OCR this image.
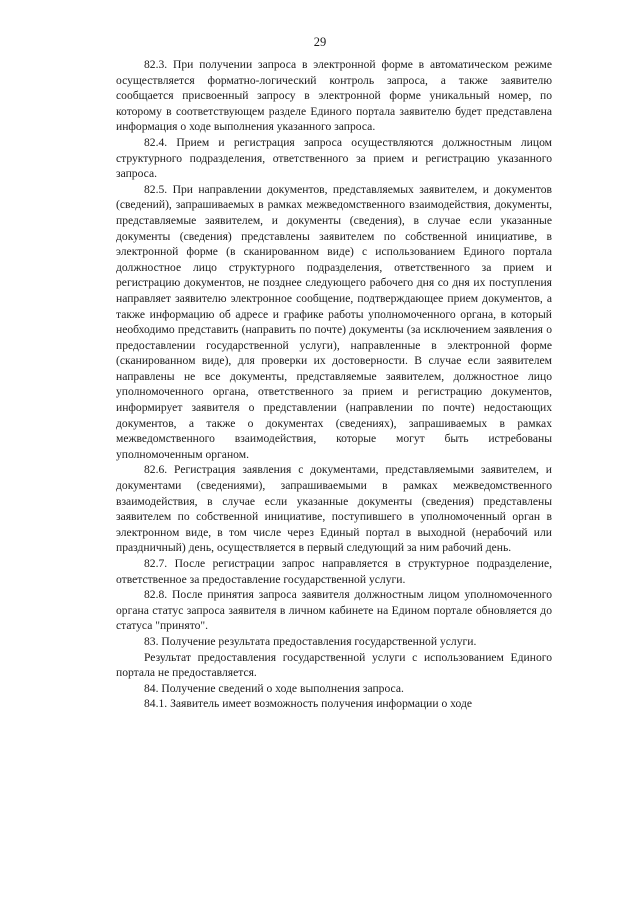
29

82.3. При получении запроса в электронной форме в автоматическом режиме осуществляется форматно-логический контроль запроса, а также заявителю сообщается присвоенный запросу в электронной форме уникальный номер, по которому в соответствующем разделе Единого портала заявителю будет представлена информация о ходе выполнения указанного запроса.

82.4. Прием и регистрация запроса осуществляются должностным лицом структурного подразделения, ответственного за прием и регистрацию указанного запроса.

82.5. При направлении документов, представляемых заявителем, и документов (сведений), запрашиваемых в рамках межведомственного взаимодействия, документы, представляемые заявителем, и документы (сведения), в случае если указанные документы (сведения) представлены заявителем по собственной инициативе, в электронной форме (в сканированном виде) с использованием Единого портала должностное лицо структурного подразделения, ответственного за прием и регистрацию документов, не позднее следующего рабочего дня со дня их поступления направляет заявителю электронное сообщение, подтверждающее прием документов, а также информацию об адресе и графике работы уполномоченного органа, в который необходимо представить (направить по почте) документы (за исключением заявления о предоставлении государственной услуги), направленные в электронной форме (сканированном виде), для проверки их достоверности. В случае если заявителем направлены не все документы, представляемые заявителем, должностное лицо уполномоченного органа, ответственного за прием и регистрацию документов, информирует заявителя о представлении (направлении по почте) недостающих документов, а также о документах (сведениях), запрашиваемых в рамках межведомственного взаимодействия, которые могут быть истребованы уполномоченным органом.

82.6. Регистрация заявления с документами, представляемыми заявителем, и документами (сведениями), запрашиваемыми в рамках межведомственного взаимодействия, в случае если указанные документы (сведения) представлены заявителем по собственной инициативе, поступившего в уполномоченный орган в электронном виде, в том числе через Единый портал в выходной (нерабочий или праздничный) день, осуществляется в первый следующий за ним рабочий день.

82.7. После регистрации запрос направляется в структурное подразделение, ответственное за предоставление государственной услуги.

82.8. После принятия запроса заявителя должностным лицом уполномоченного органа статус запроса заявителя в личном кабинете на Едином портале обновляется до статуса "принято".

83. Получение результата предоставления государственной услуги.

Результат предоставления государственной услуги с использованием Единого портала не предоставляется.

84. Получение сведений о ходе выполнения запроса.

84.1. Заявитель имеет возможность получения информации о ходе
